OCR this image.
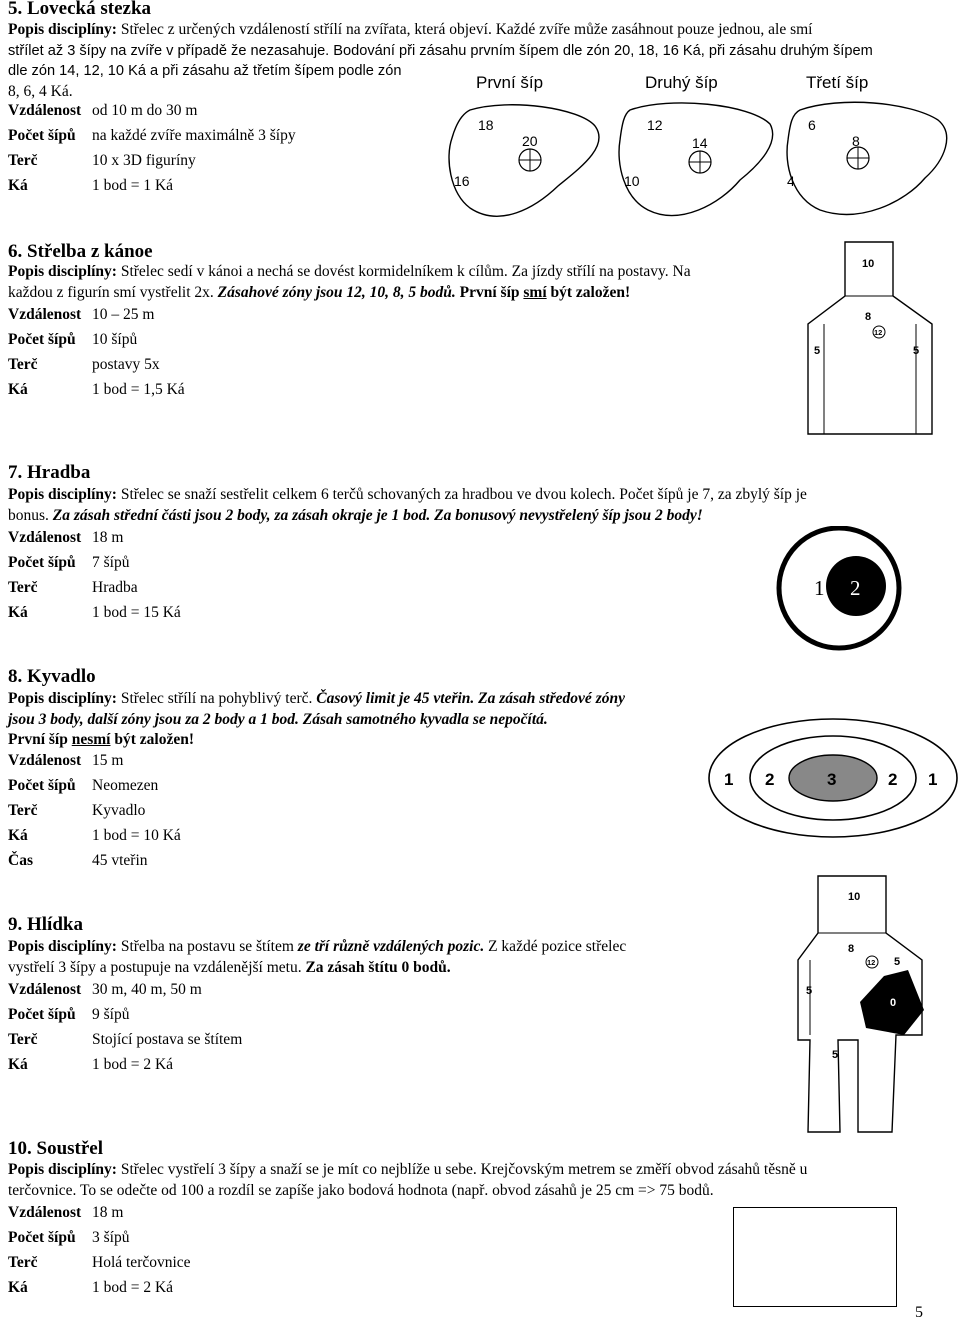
5. Lovecká stezka
Popis disciplíny: Střelec z určených vzdáleností střílí na zvířata, která objeví. Každé zvíře může zasáhnout pouze jednou, ale smí
střílet až 3 šípy na zvíře v případě že nezasahuje. Bodování při zásahu prvním šípem dle zón 20, 18, 16 Ká, při zásahu druhým šípem
dle zón 14, 12, 10 Ká a při zásahu až třetím šípem podle zón
8, 6, 4 Ká.
Vzdálenost od 10 m do 30 m
Počet šípů na každé zvíře maximálně 3 šípy
Terč	10 x 3D figuríny
Ká	1 bod = 1 Ká
První šíp	Druhý šíp	Třetí šíp
18
20
16
12
14
10
6
8
4
6. Střelba z kánoe
Popis disciplíny: Střelec sedí v kánoi a nechá se dovést kormidelníkem k cílům. Za jízdy střílí na postavy. Na
každou z figurín smí vystřelit 2x. Zásahové zóny jsou 12, 10, 8, 5 bodů. První šíp smí být založen!
Vzdálenost 10 – 25 m
Počet šípů 10 šípů
Terč	postavy 5x
Ká	1 bod = 1,5 Ká
10
8
12
5	5
7. Hradba
Popis disciplíny: Střelec se snaží sestřelit celkem 6 terčů schovaných za hradbou ve dvou kolech. Počet šípů je 7, za zbylý šíp je
bonus. Za zásah střední části jsou 2 body, za zásah okraje je 1 bod. Za bonusový nevystřelený šíp jsou 2 body!
Vzdálenost 18 m
Počet šípů 7 šípů
Terč	Hradba
Ká	1 bod = 15 Ká
1 2
8. Kyvadlo
Popis disciplíny: Střelec střílí na pohyblivý terč. Časový limit je 45 vteřin. Za zásah středové zóny
jsou 3 body, další zóny jsou za 2 body a 1 bod. Zásah samotného kyvadla se nepočítá.
První šíp nesmí být založen!
Vzdálenost 15 m
Počet šípů Neomezen
Terč	Kyvadlo
Ká	1 bod = 10 Ká
Čas	45 vteřin
1 2	3	2 1
9. Hlídka
Popis disciplíny: Střelba na postavu se štítem ze tří různě vzdálených pozic. Z každé pozice střelec
vystřelí 3 šípy a postupuje na vzdálenější metu. Za zásah štítu 0 bodů.
Vzdálenost 30 m, 40 m, 50 m
Počet šípů 9 šípů
Terč	Stojící postava se štítem
Ká	1 bod = 2 Ká
10
8
12 5
5
5
0
10. Soustřel
Popis disciplíny: Střelec vystřelí 3 šípy a snaží se je mít co nejblíže u sebe. Krejčovským metrem se změří obvod zásahů těsně u
terčovnice. To se odečte od 100 a rozdíl se zapíše jako bodová hodnota (např. obvod zásahů je 25 cm => 75 bodů.
Vzdálenost 18 m
Počet šípů 3 šípů
Terč	Holá terčovnice
Ká	1 bod = 2 Ká
5
